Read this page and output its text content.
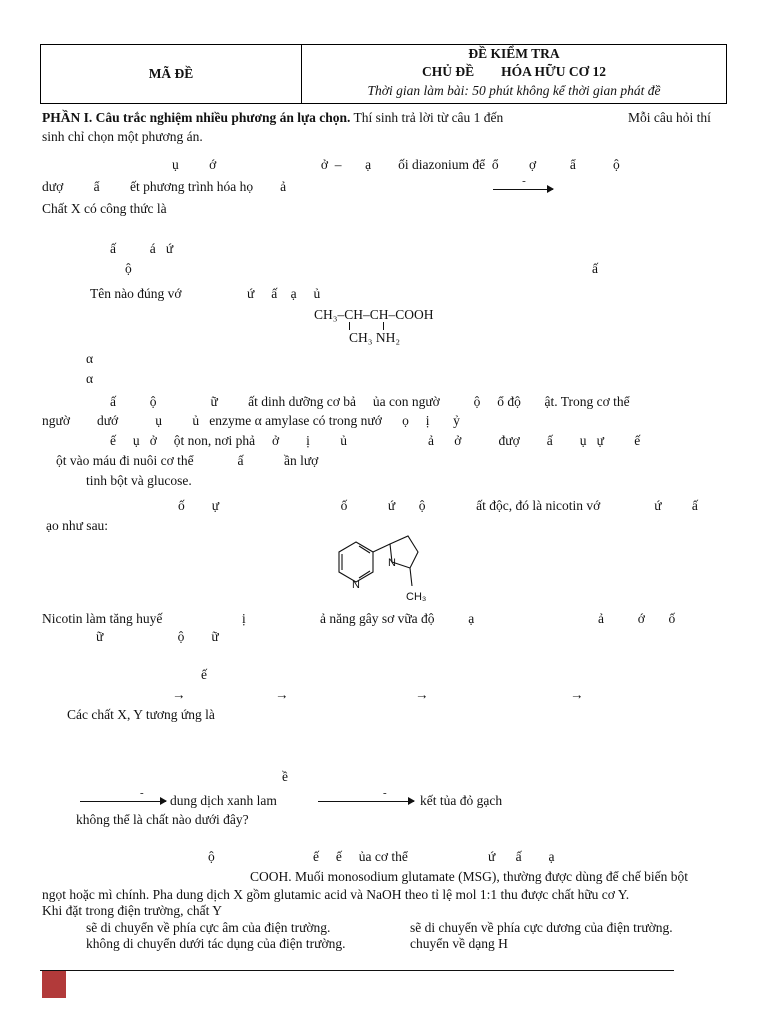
MÃ ĐỀ
ĐỀ KIỂM TRA
CHỦ ĐỀ        HÓA HỮU CƠ 12
Thời gian làm bài: 50 phút không kể thời gian phát đề
PHẦN I. Câu trắc nghiệm nhiều phương án lựa chọn. Thí sinh trả lời từ câu 1 đến	Mỗi câu hỏi thí
sinh chỉ chọn một phương án.
ụ         ớ                               ở  –       ạ        ối diazonium để  ổ         ợ          ẩ           ộ
dượ         ẩ         ết phương trình hóa họ        ả	-
Chất X có công thức là
ấ          á   ứ
ộ	ấ
Tên nào đúng vớ	ứ     ấ    ạ     ủ
CH₃–CH–CH–COOH
CH₃ NH₂
α
α
ấ          ộ                ữ         ất dinh dưỡng cơ bả     ủa con ngườ          ộ     ổ độ       ật. Trong cơ thể
ngườ        dướ           ụ         ủ   enzyme α amylase có trong nướ      ọ     ị       ỷ
ế     ụ   ở     ột non, nơi phả     ở        ị         ủ                        ả      ở           đượ        ấ        ụ   ự         ế
ột vào máu đi nuôi cơ thể             ấ            ần lượ
tinh bột và glucose.
ố        ự                                    ố            ứ       ộ               ất độc, đó là nicotin vớ                ứ         ấ
ạo như sau:
N
N
CH₃
Nicotin làm tăng huyế	ị	ả năng gây sơ vữa độ          ạ	ả          ớ       ố
ữ                      ộ        ữ
ế
→	→	→	→
Các chất X, Y tương ứng là
ề
- dung dịch xanh lam	- kết tủa đỏ gạch
không thể là chất nào dưới đây?
ộ	ế     ế     ủa cơ thể	ứ      ấ        ạ
COOH. Muối monosodium glutamate (MSG), thường được dùng để chế biến bột
ngọt hoặc mì chính. Pha dung dịch X gồm glutamic acid và NaOH theo tỉ lệ mol 1:1 thu được chất hữu cơ Y.
Khi đặt trong điện trường, chất Y
sẽ di chuyển về phía cực âm của điện trường.	sẽ di chuyển về phía cực dương của điện trường.
không di chuyển dưới tác dụng của điện trường.	chuyển về dạng H
